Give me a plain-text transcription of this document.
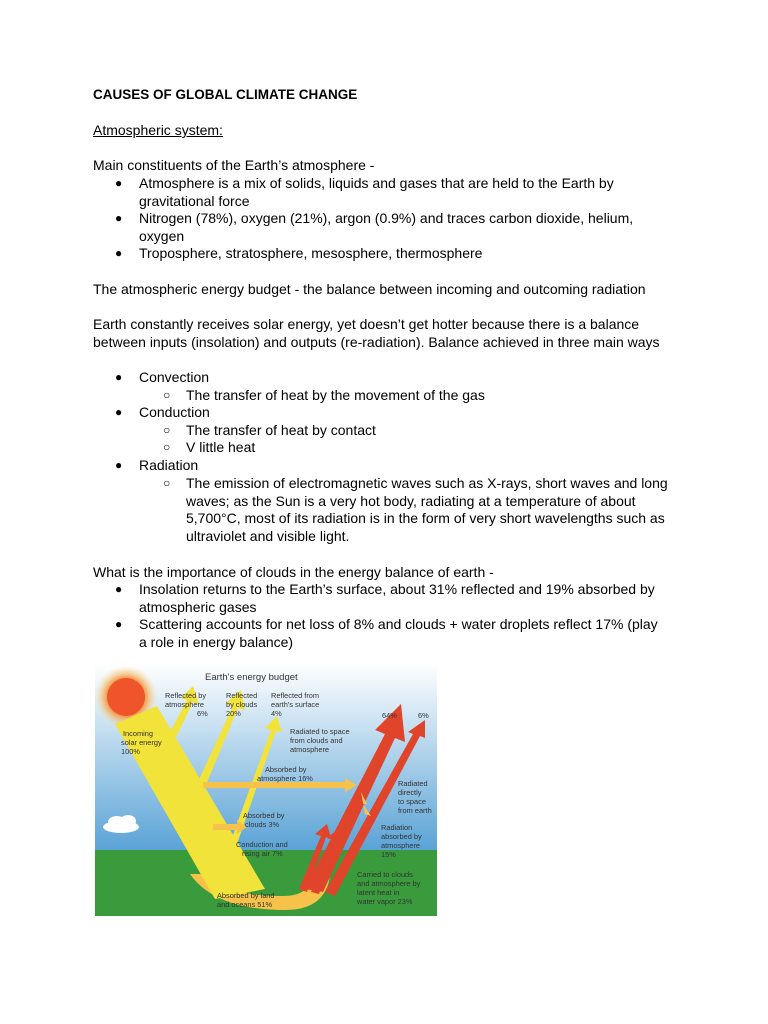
CAUSES OF GLOBAL CLIMATE CHANGE
Atmospheric system:
Main constituents of the Earth’s atmosphere -
● Atmosphere is a mix of solids, liquids and gases that are held to the Earth by
gravitational force
● Nitrogen (78%), oxygen (21%), argon (0.9%) and traces carbon dioxide, helium,
oxygen
● Troposphere, stratosphere, mesosphere, thermosphere
The atmospheric energy budget - the balance between incoming and outcoming radiation
Earth constantly receives solar energy, yet doesn’t get hotter because there is a balance
between inputs (insolation) and outputs (re-radiation). Balance achieved in three main ways
● Convection
○ The transfer of heat by the movement of the gas
● Conduction
○ The transfer of heat by contact
○ V little heat
● Radiation
○ The emission of electromagnetic waves such as X-rays, short waves and long
waves; as the Sun is a very hot body, radiating at a temperature of about
5,700°C, most of its radiation is in the form of very short wavelengths such as
ultraviolet and visible light.
What is the importance of clouds in the energy balance of earth -
● Insolation returns to the Earth’s surface, about 31% reflected and 19% absorbed by
atmospheric gases
● Scattering accounts for net loss of 8% and clouds + water droplets reflect 17% (play
a role in energy balance)
Earth's energy budget
Incoming solar energy 100%
Reflected by atmosphere 6%
Reflected by clouds 20%
Reflected from earth's surface 4%	64%	6%
Radiated to space from clouds and atmosphere
Absorbed by atmosphere 16%
Radiated directly to space from earth
Absorbed by clouds 3%
Conduction and rising air 7%
Radiation absorbed by atmosphere 15%
Carried to clouds and atmosphere by latent heat in water vapor 23%
Absorbed by land and oceans 51%
